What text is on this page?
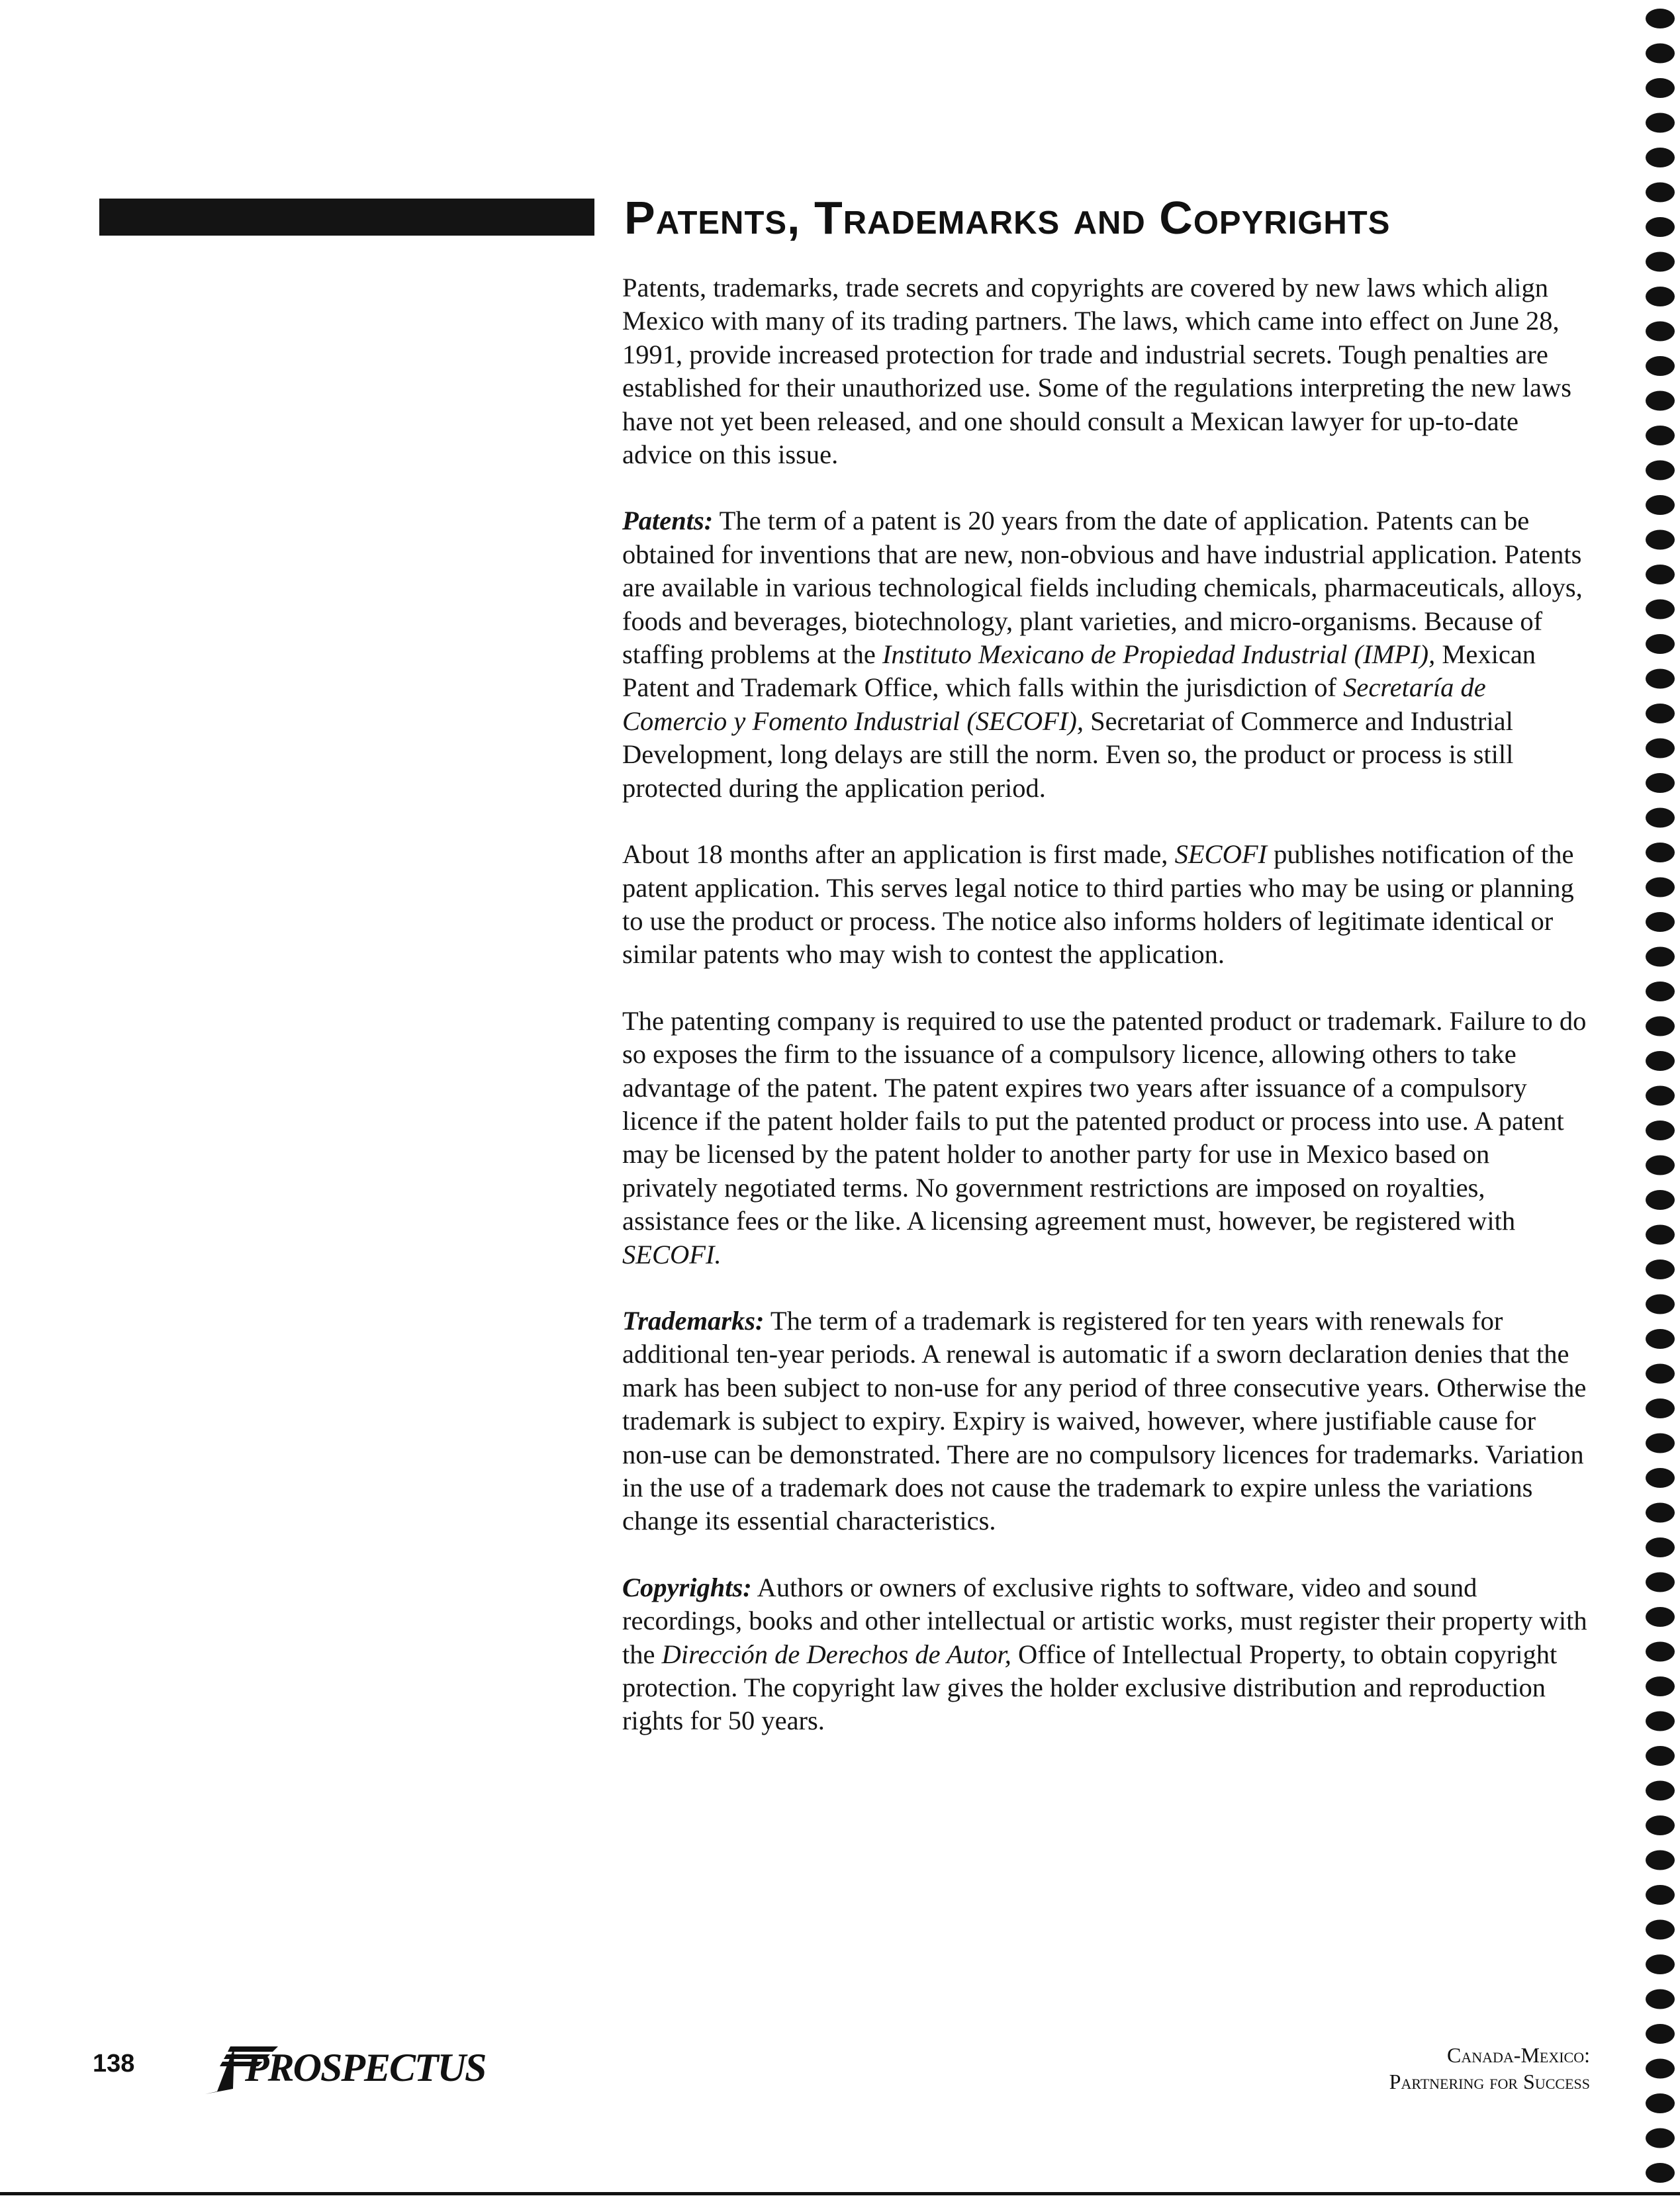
Patents, Trademarks and Copyrights

Patents, trademarks, trade secrets and copyrights are covered by new laws which align Mexico with many of its trading partners. The laws, which came into effect on June 28, 1991, provide increased protection for trade and industrial secrets. Tough penalties are established for their unauthorized use. Some of the regulations interpreting the new laws have not yet been released, and one should consult a Mexican lawyer for up-to-date advice on this issue.

Patents: The term of a patent is 20 years from the date of application. Patents can be obtained for inventions that are new, non-obvious and have industrial application. Patents are available in various technological fields including chemicals, pharmaceuticals, alloys, foods and beverages, biotechnology, plant varieties, and micro-organisms. Because of staffing problems at the Instituto Mexicano de Propiedad Industrial (IMPI), Mexican Patent and Trademark Office, which falls within the jurisdiction of Secretaría de Comercio y Fomento Industrial (SECOFI), Secretariat of Commerce and Industrial Development, long delays are still the norm. Even so, the product or process is still protected during the application period.

About 18 months after an application is first made, SECOFI publishes notification of the patent application. This serves legal notice to third parties who may be using or planning to use the product or process. The notice also informs holders of legitimate identical or similar patents who may wish to contest the application.

The patenting company is required to use the patented product or trademark. Failure to do so exposes the firm to the issuance of a compulsory licence, allowing others to take advantage of the patent. The patent expires two years after issuance of a compulsory licence if the patent holder fails to put the patented product or process into use. A patent may be licensed by the patent holder to another party for use in Mexico based on privately negotiated terms. No government restrictions are imposed on royalties, assistance fees or the like. A licensing agreement must, however, be registered with SECOFI.

Trademarks: The term of a trademark is registered for ten years with renewals for additional ten-year periods. A renewal is automatic if a sworn declaration denies that the mark has been subject to non-use for any period of three consecutive years. Otherwise the trademark is subject to expiry. Expiry is waived, however, where justifiable cause for non-use can be demonstrated. There are no compulsory licences for trademarks. Variation in the use of a trademark does not cause the trademark to expire unless the variations change its essential characteristics.

Copyrights: Authors or owners of exclusive rights to software, video and sound recordings, books and other intellectual or artistic works, must register their property with the Dirección de Derechos de Autor, Office of Intellectual Property, to obtain copyright protection. The copyright law gives the holder exclusive distribution and reproduction rights for 50 years.

138	PROSPECTUS	Canada-Mexico:
Partnering for Success
